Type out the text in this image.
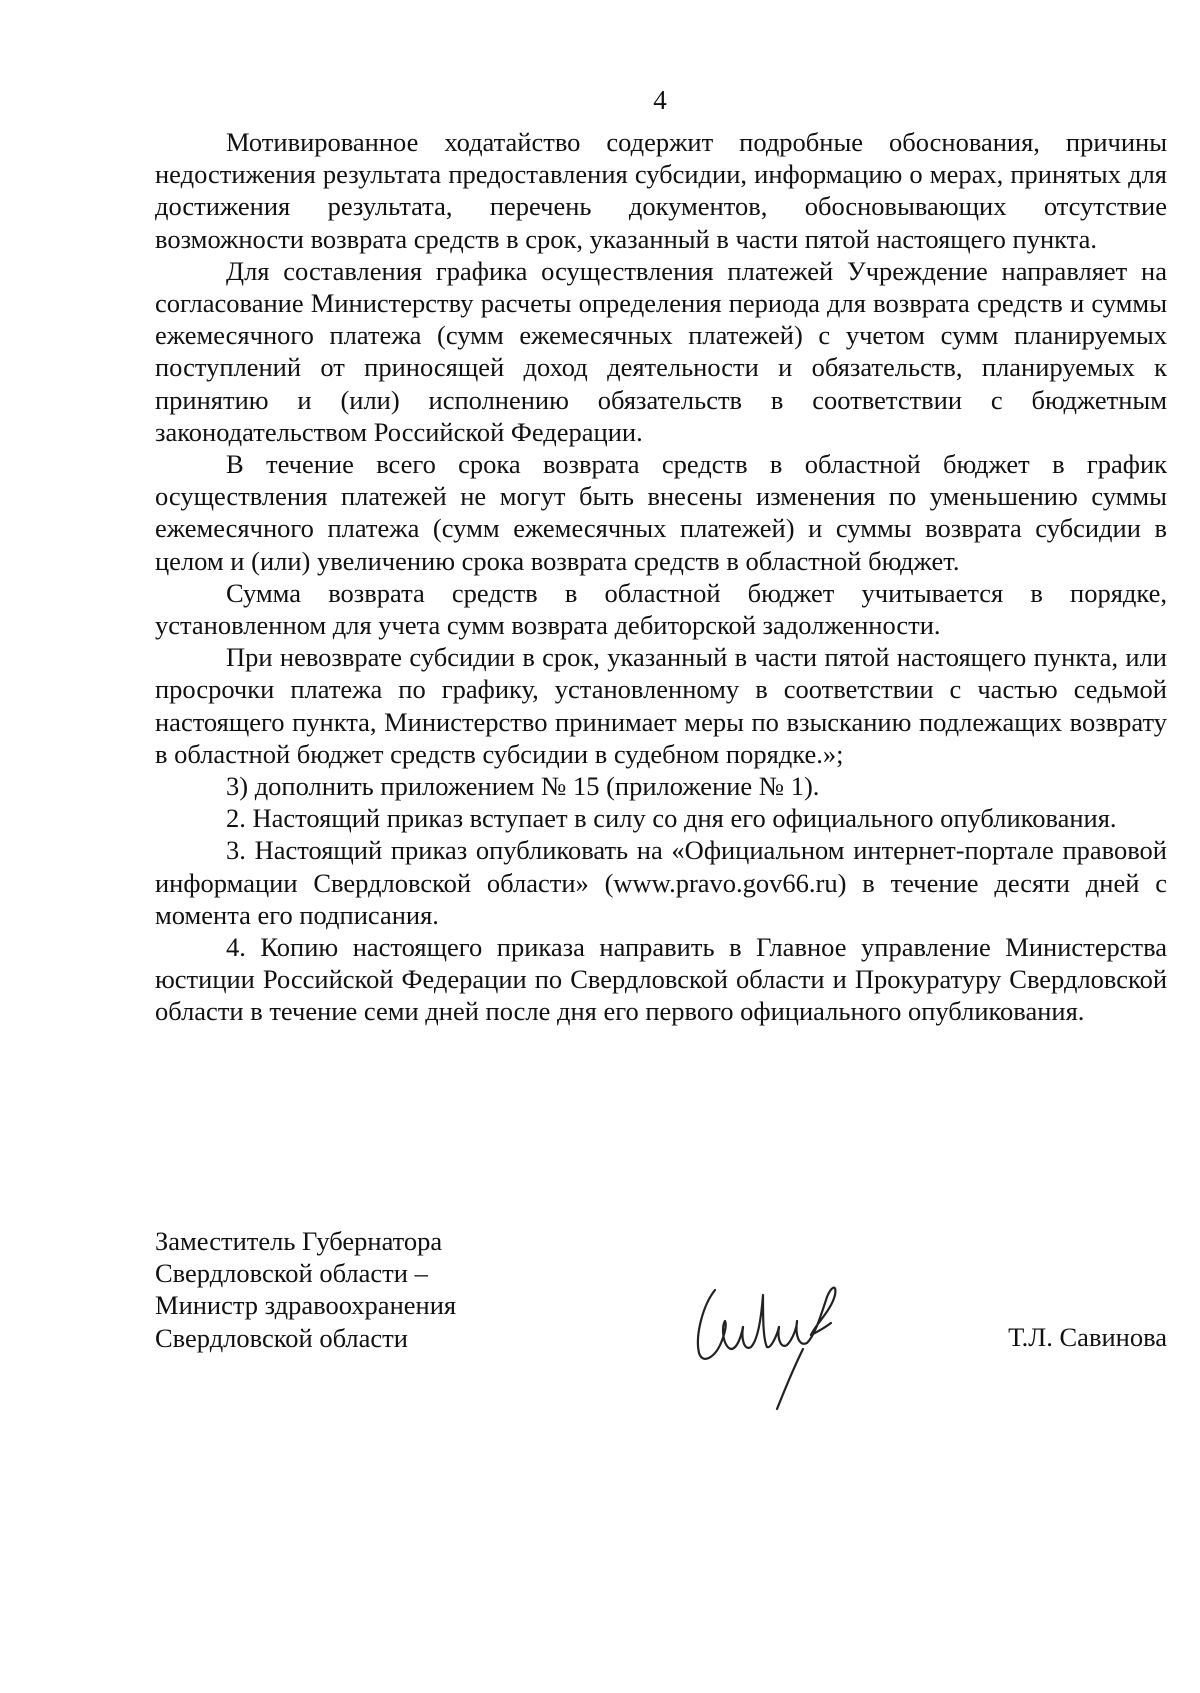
4

Мотивированное ходатайство содержит подробные обоснования, причины недостижения результата предоставления субсидии, информацию о мерах, принятых для достижения результата, перечень документов, обосновывающих отсутствие возможности возврата средств в срок, указанный в части пятой настоящего пункта.

Для составления графика осуществления платежей Учреждение направляет на согласование Министерству расчеты определения периода для возврата средств и суммы ежемесячного платежа (сумм ежемесячных платежей) с учетом сумм планируемых поступлений от приносящей доход деятельности и обязательств, планируемых к принятию и (или) исполнению обязательств в соответствии с бюджетным законодательством Российской Федерации.

В течение всего срока возврата средств в областной бюджет в график осуществления платежей не могут быть внесены изменения по уменьшению суммы ежемесячного платежа (сумм ежемесячных платежей) и суммы возврата субсидии в целом и (или) увеличению срока возврата средств в областной бюджет.

Сумма возврата средств в областной бюджет учитывается в порядке, установленном для учета сумм возврата дебиторской задолженности.

При невозврате субсидии в срок, указанный в части пятой настоящего пункта, или просрочки платежа по графику, установленному в соответствии с частью седьмой настоящего пункта, Министерство принимает меры по взысканию подлежащих возврату в областной бюджет средств субсидии в судебном порядке.»;

3) дополнить приложением № 15 (приложение № 1).

2. Настоящий приказ вступает в силу со дня его официального опубликования.

3. Настоящий приказ опубликовать на «Официальном интернет-портале правовой информации Свердловской области» (www.pravo.gov66.ru) в течение десяти дней с момента его подписания.

4. Копию настоящего приказа направить в Главное управление Министерства юстиции Российской Федерации по Свердловской области и Прокуратуру Свердловской области в течение семи дней после дня его первого официального опубликования.

Заместитель Губернатора
Свердловской области –
Министр здравоохранения
Свердловской области	Т.Л. Савинова
